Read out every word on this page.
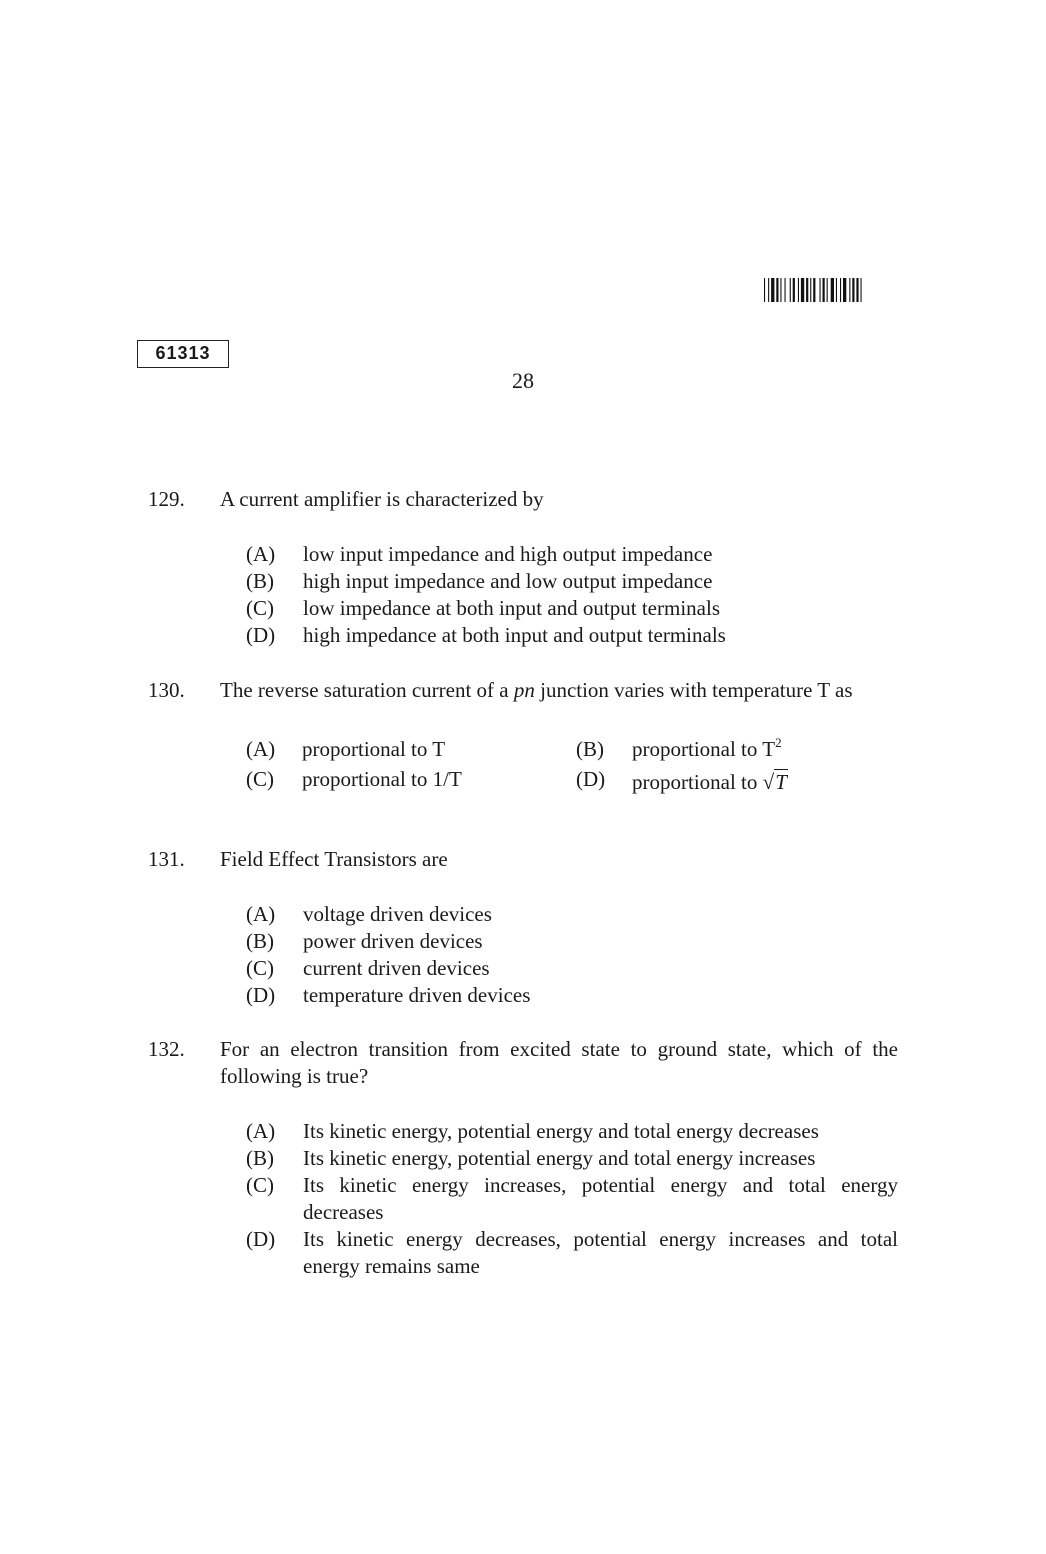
61313
28
129. A current amplifier is characterized by
(A) low input impedance and high output impedance
(B) high input impedance and low output impedance
(C) low impedance at both input and output terminals
(D) high impedance at both input and output terminals
130. The reverse saturation current of a pn junction varies with temperature T as
(A) proportional to T	(B) proportional to $T^2$
(C) proportional to 1/T	(D) proportional to √T
131. Field Effect Transistors are
(A) voltage driven devices
(B) power driven devices
(C) current driven devices
(D) temperature driven devices
132. For an electron transition from excited state to ground state, which of the following is true?
(A) Its kinetic energy, potential energy and total energy decreases
(B) Its kinetic energy, potential energy and total energy increases
(C) Its kinetic energy increases, potential energy and total energy decreases
(D) Its kinetic energy decreases, potential energy increases and total energy remains same
